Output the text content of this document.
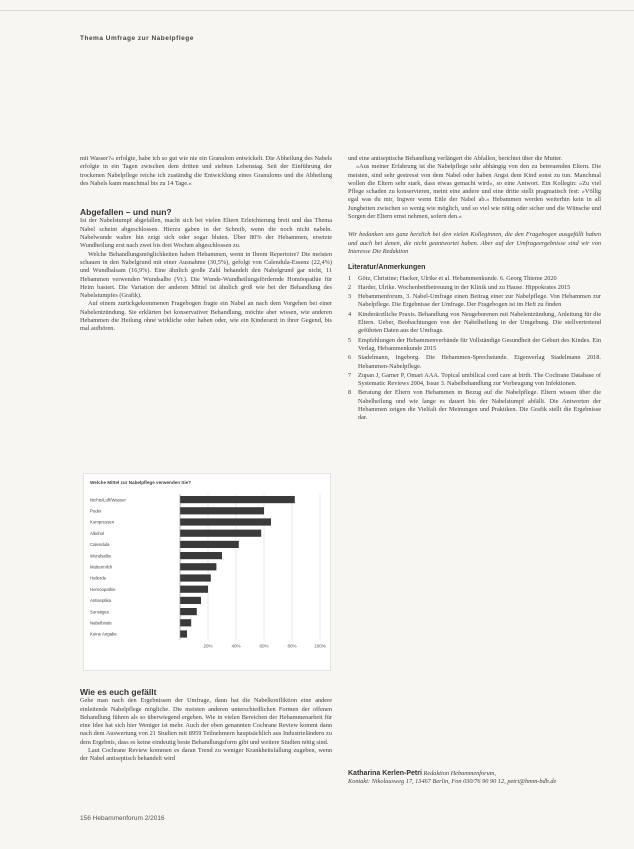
Thema Umfrage zur Nabelpflege

mit Wasser?« erfolgte, habe ich so gut wie nie ein Granulom entwickelt. Die Abheilung des Nabels erfolgte in ein Tagen zwischen dem dritten und siebten Lebenstag. Seit der Einführung der trockenen Nabelpflege reiche ich zuständig die Entwicklung eines Granuloms und die Abheilung des Nabels kann manchmal bis zu 14 Tage.«

Abgefallen – und nun?

Ist der Nabelstumpf abgefallen, macht sich bei vielen Eltern Erleichterung breit und das Thema Nabel scheint abgeschlossen. Hierzu gaben in der Schreib, wenn die noch nicht nabeln. Nabelwunde wahre hin zeigt sich oder sogar bluten. Über 80% der Hebammen, ersetzte Wundheilung erst nach zwei bis drei Wochen abgeschlossen zu.

Welche Behandlungsmöglichkeiten haben Hebammen, wenn in Ihrem Repertoire? Die meisten schauen in den Nabelgrund mit einer Ausnahme (30,5%), gefolgt von Calendula-Essenz (22,4%) und Wundbalsam (16,9%). Eine ähnlich große Zahl behandelt den Nabelgrund gar nicht, 11 Hebammen verwenden Wundsalbe (Vr.). Die Wunde-Wundheilungsfördernde Homöopathie für Heim basiert. Die Variation der anderen Mittel ist ähnlich groß wie bei der Behandlung des Nabelstumpfes (Grafik).

Auf einem zurückgekommenen Fragebogen fragte ein Nabel an nach dem Vorgehen bei einer Nabelentzündung. Sie erklärten bei konservativer Behandlung, möchte aber wissen, wie anderen Hebammen die Heilung ohne wirkliche oder haben oder, wie ein Kinderarzt in ihrer Gegend, bis mal aufhören.

Welche Mittel zur Nabelpflege verwenden Sie?
20%	40%	60%	80%	100%
Nichts/Luft/Wasser
Puder
Kompressen
Alkohol
Calendula
Wundsalbe
Muttermilch
Heilerde
Homöopathie
Antiseptika
Sonstiges
Nabelbinde
Keine Angabe
Wie es euch gefällt

Gehe man nach den Ergebnissen der Umfrage, dann hat die Nabelkonfliktion eine andere einleitende Nabelpflege mögliche. Die meisten anderen unterschiedlichen Formen der offenen Behandlung führen als so überwiegend ergeben. Wie in vielen Bereichen der Hebammenarbeit für eine Idee hat sich hier Weniger ist mehr. Auch der eben genannten Cochrane Review kommt dann nach dem Auswertung von 21 Studien mit 8959 Teilnehmern hauptsächlich aus Industrieländern zu dem Ergebnis, dass es keine eindeutig beste Behandlungsform gibt und weitere Studien nötig sind.

Laut Cochrane Review kommen es daran Trend zu weniger Krankheitsfallung zugeben, wenn der Nabel antiseptisch behandelt wird

und eine antiseptische Behandlung verlängert die Abfallen, berichtet über die Mutter.

»Aus meiner Erfahrung ist die Nabelpflege sehr abhängig von den zu betreuenden Eltern. Die meisten, sind sehr gestresst von dem Nabel oder haben Angst dem Kind sonst zu tun. Manchmal wollen die Eltern sehr stark, dass etwas gemacht wird«, so eine Antwort. Ein Kollegin: »Zu viel Pflege schaden zu konservieren, meint eine andere und eine dritte stellt pragmatisch fest: »Völlig egal was du mir, Ingwer wenn Eitle der Nabel ab.« Hebammen werden weiterhin kein in all Jungbeiten zwischen so wenig wie möglich, und so viel wie nötig oder sicher und die Wünsche und Sorgen der Eltern ernst nehmen, sofern den.«

Wir bedanken uns ganz herzlich bei den vielen Kolleginnen, die den Fragebogen ausgefüllt haben und auch bei denen, die nicht geantwortet haben. Aber auf der Umfrageergebnisse sind wir von Interesse Die Redaktion

Literatur/Anmerkungen
1	Götz, Christine; Hacker, Ulrike et al. Hebammenkunde. 6. Georg Thieme 2020
2	Harder, Ulrike. Wochenbettbetreuung in der Klinik und zu Hause. Hippokrates 2015
3	Hebammenforum, 3. Nabel-Umfrage einen Beitrag einer zur Nabelpflege. Von Hebammen zur Nabelpflege. Die Ergebnisse der Umfrage. Der Fragebogen ist im Heft zu finden
4	Kinderärztliche Praxis. Behandlung von Neugeborenen mit Nabelentzündung, Anleitung für die Eltern. Ueber, Beobachtungen von der Nabelheilung in der Umgebung. Die stellvertretend geführten Daten aus der Umfrage.
5	Empfehlungen der Hebammenverbände für Vollständige Gesundheit der Geburt des Kindes. Ein Verlag, Hebammenkunde 2015
6	Stadelmann, Ingeborg. Die Hebammen-Sprechstunde. Eigenverlag Stadelmann 2018. Hebammen-Nabelpflege.
7	Zupan J, Garner P, Omari AAA. Topical umbilical cord care at birth. The Cochrane Database of Systematic Reviews 2004, Issue 3. Nabelbehandlung zur Vorbeugung von Infektionen.
8	Beratung der Eltern von Hebammen in Bezug auf die Nabelpflege. Eltern wissen über die Nabelheilung und wie lange es dauert bis der Nabelstumpf abfällt. Die Antworten der Hebammen zeigen die Vielfalt der Meinungen und Praktiken. Die Grafik stellt die Ergebnisse dar.
Katharina Kerlen-Petri Redaktion Hebammenforum,
Kontakt: Nikolausweg 17, 13467 Berlin, Fon 030/76 90 90 12, petri@hmm-bdh.de
156 Hebammenforum 2/2016
